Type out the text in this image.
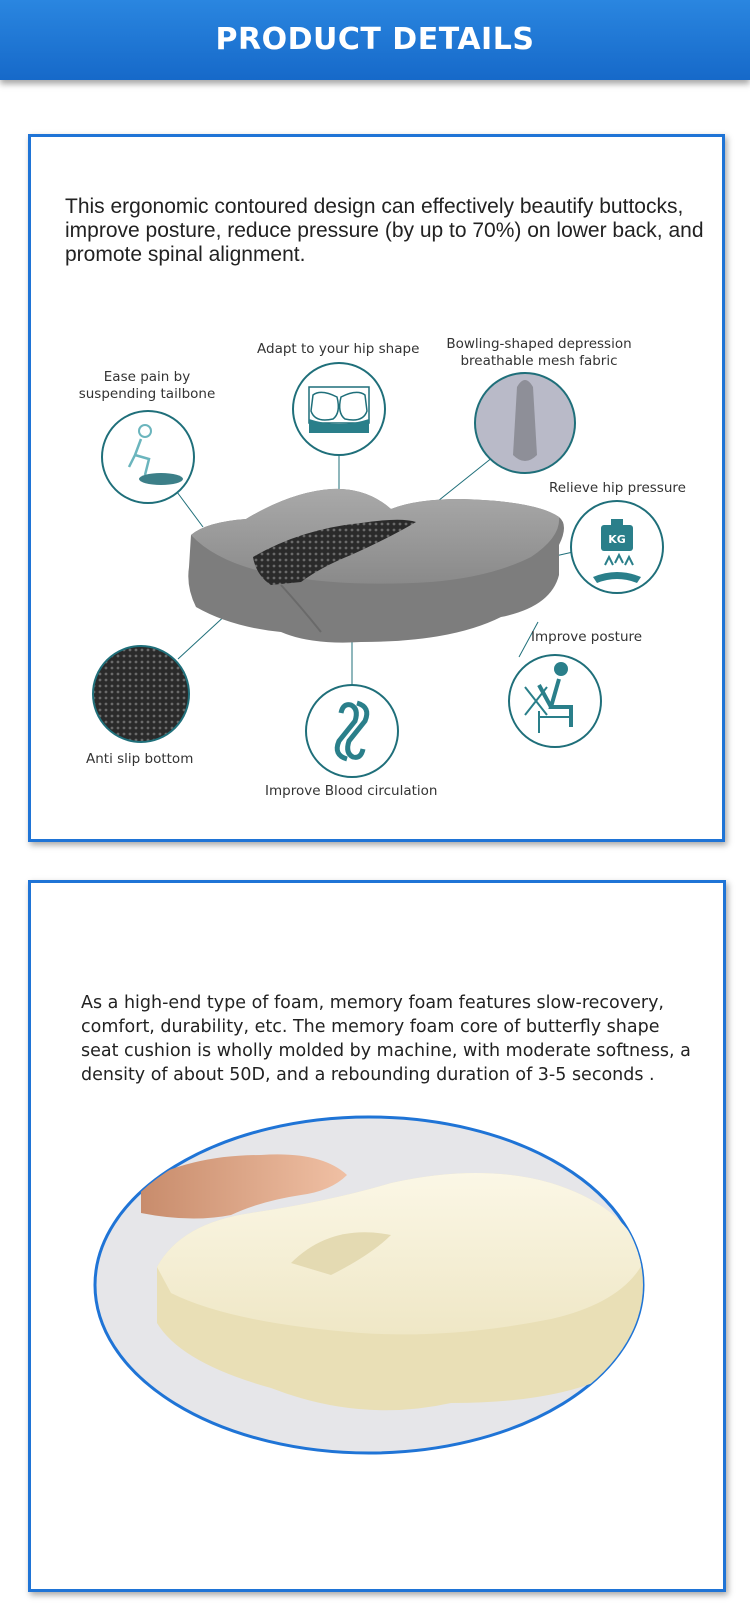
PRODUCT DETAILS
This ergonomic contoured design can effectively beautify buttocks, improve posture, reduce pressure (by up to 70%) on lower back, and promote spinal alignment.
KG
Adapt to your hip shape	Bowling-shaped depression
breathable mesh fabric
Ease pain by
suspending tailbone
Relieve hip pressure
Improve posture
Anti slip bottom
Improve Blood circulation
As a high-end type of foam, memory foam features slow-recovery, comfort, durability, etc. The memory foam core of butterfly shape seat cushion is wholly molded by machine, with moderate softness, a density of about 50D, and a rebounding duration of 3-5 seconds .
